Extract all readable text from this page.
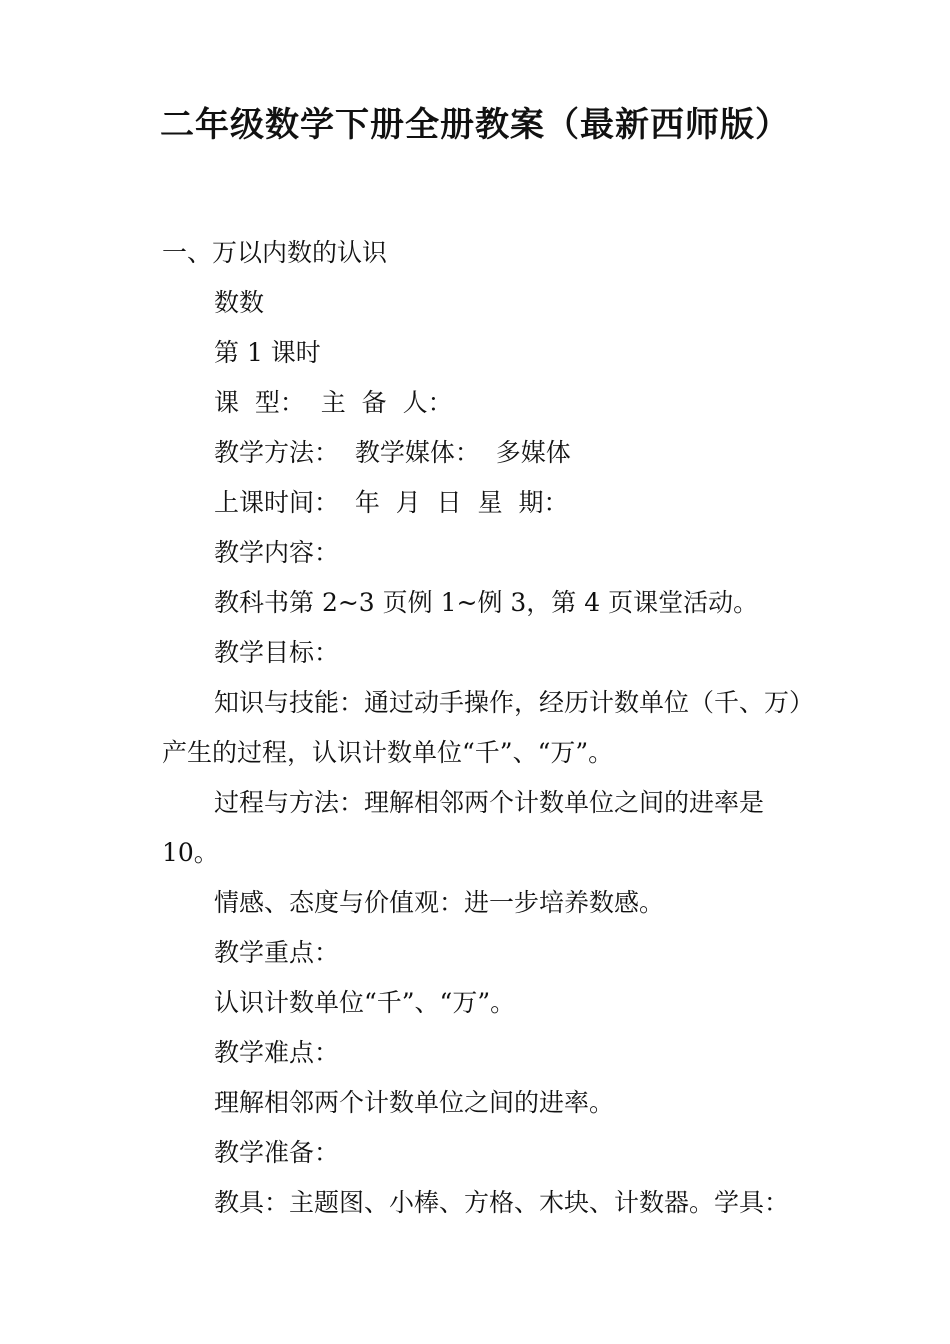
二年级数学下册全册教案（最新西师版）
一、万以内数的认识
数数
第 1 课时
课  型：  主  备  人：
教学方法：  教学媒体：  多媒体
上课时间：  年  月  日  星  期：
教学内容：
教科书第 2~3 页例 1~例 3，第 4 页课堂活动。
教学目标：
知识与技能：通过动手操作，经历计数单位（千、万）
产生的过程，认识计数单位“千”、“万”。
过程与方法：理解相邻两个计数单位之间的进率是
10。
情感、态度与价值观：进一步培养数感。
教学重点：
认识计数单位“千”、“万”。
教学难点：
理解相邻两个计数单位之间的进率。
教学准备：
教具：主题图、小棒、方格、木块、计数器。学具：
